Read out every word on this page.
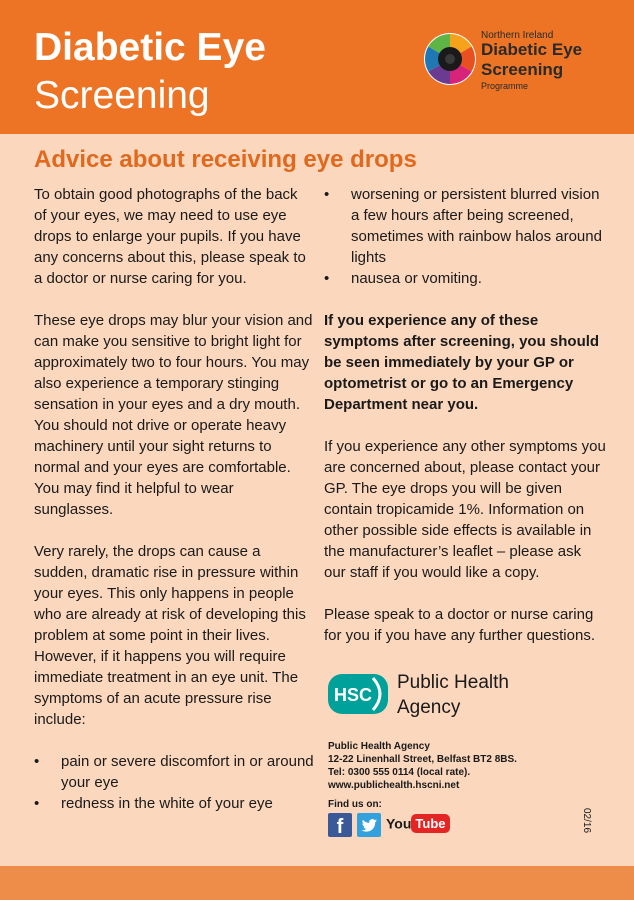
Diabetic Eye
Screening
Northern Ireland
Diabetic Eye
Screening
Programme
Advice about receiving eye drops

To obtain good photographs of the back of your eyes, we may need to use eye drops to enlarge your pupils. If you have any concerns about this, please speak to a doctor or nurse caring for you.

These eye drops may blur your vision and can make you sensitive to bright light for approximately two to four hours. You may also experience a temporary stinging sensation in your eyes and a dry mouth. You should not drive or operate heavy machinery until your sight returns to normal and your eyes are comfortable. You may find it helpful to wear sunglasses.

Very rarely, the drops can cause a sudden, dramatic rise in pressure within your eyes. This only happens in people who are already at risk of developing this problem at some point in their lives. However, if it happens you will require immediate treatment in an eye unit. The symptoms of an acute pressure rise include:

•	pain or severe discomfort in or around your eye
•	redness in the white of your eye
•	worsening or persistent blurred vision a few hours after being screened, sometimes with rainbow halos around lights
•	nausea or vomiting.

If you experience any of these symptoms after screening, you should be seen immediately by your GP or optometrist or go to an Emergency Department near you.

If you experience any other symptoms you are concerned about, please contact your GP. The eye drops you will be given contain tropicamide 1%. Information on other possible side effects is available in the manufacturer’s leaflet – please ask our staff if you would like a copy.

Please speak to a doctor or nurse caring for you if you have any further questions.

HSC
Public Health
Agency
Public Health Agency
12-22 Linenhall Street, Belfast BT2 8BS.
Tel: 0300 555 0114 (local rate).
www.publichealth.hscni.net
Find us on:
f	You Tube	02/16
